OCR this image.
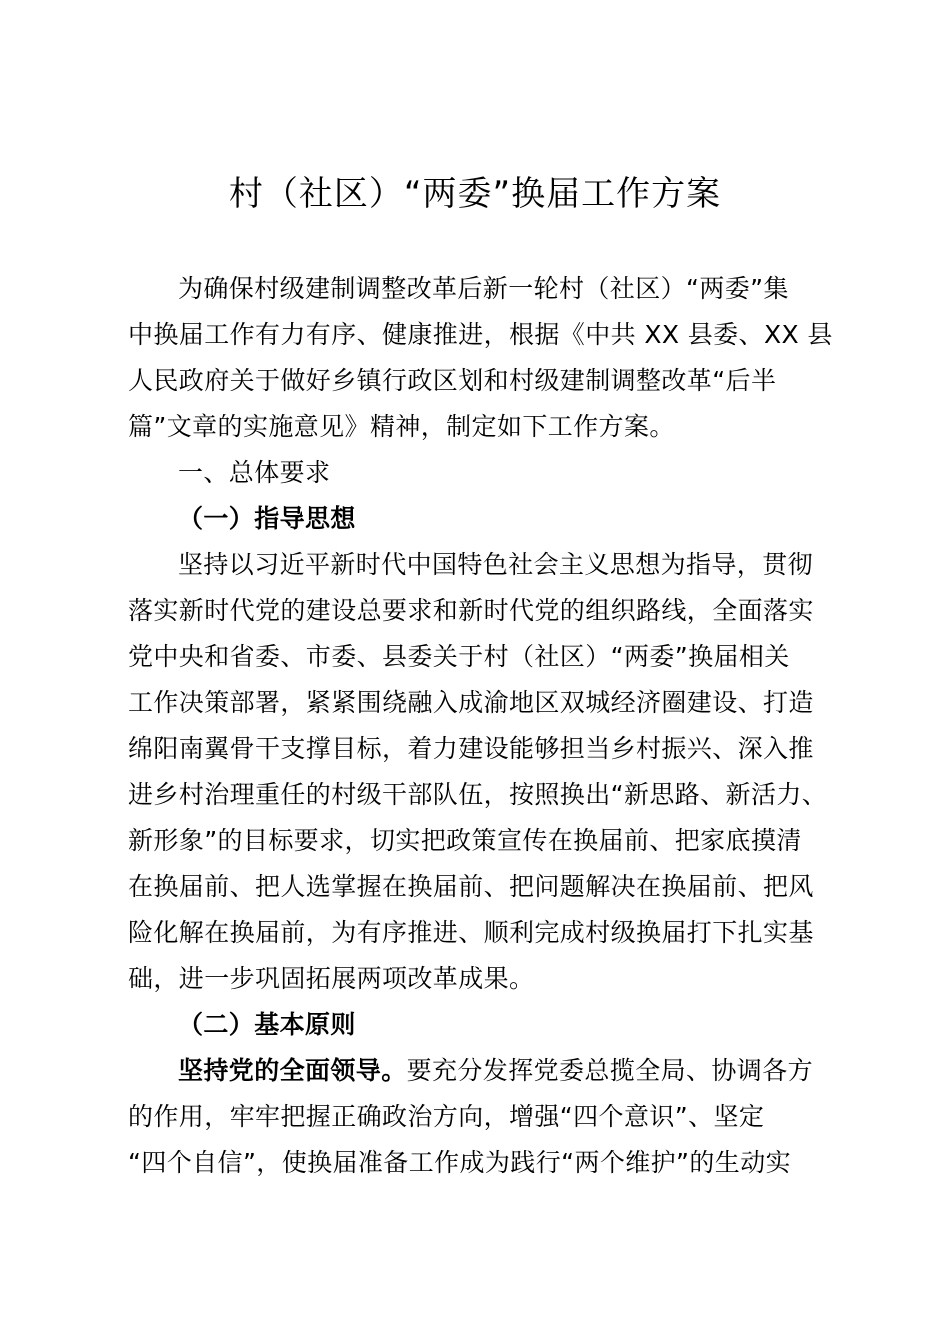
村（社区）“两委”换届工作方案
为确保村级建制调整改革后新一轮村（社区）“两委”集
中换届工作有力有序、健康推进，根据《中共 XX 县委、XX 县
人民政府关于做好乡镇行政区划和村级建制调整改革“后半
篇”文章的实施意见》精神，制定如下工作方案。
一、总体要求
（一）指导思想
坚持以习近平新时代中国特色社会主义思想为指导，贯彻
落实新时代党的建设总要求和新时代党的组织路线，全面落实
党中央和省委、市委、县委关于村（社区）“两委”换届相关
工作决策部署，紧紧围绕融入成渝地区双城经济圈建设、打造
绵阳南翼骨干支撑目标，着力建设能够担当乡村振兴、深入推
进乡村治理重任的村级干部队伍，按照换出“新思路、新活力、
新形象”的目标要求，切实把政策宣传在换届前、把家底摸清
在换届前、把人选掌握在换届前、把问题解决在换届前、把风
险化解在换届前，为有序推进、顺利完成村级换届打下扎实基
础，进一步巩固拓展两项改革成果。
（二）基本原则
坚持党的全面领导。要充分发挥党委总揽全局、协调各方
的作用，牢牢把握正确政治方向，增强“四个意识”、坚定
“四个自信”，使换届准备工作成为践行“两个维护”的生动实
